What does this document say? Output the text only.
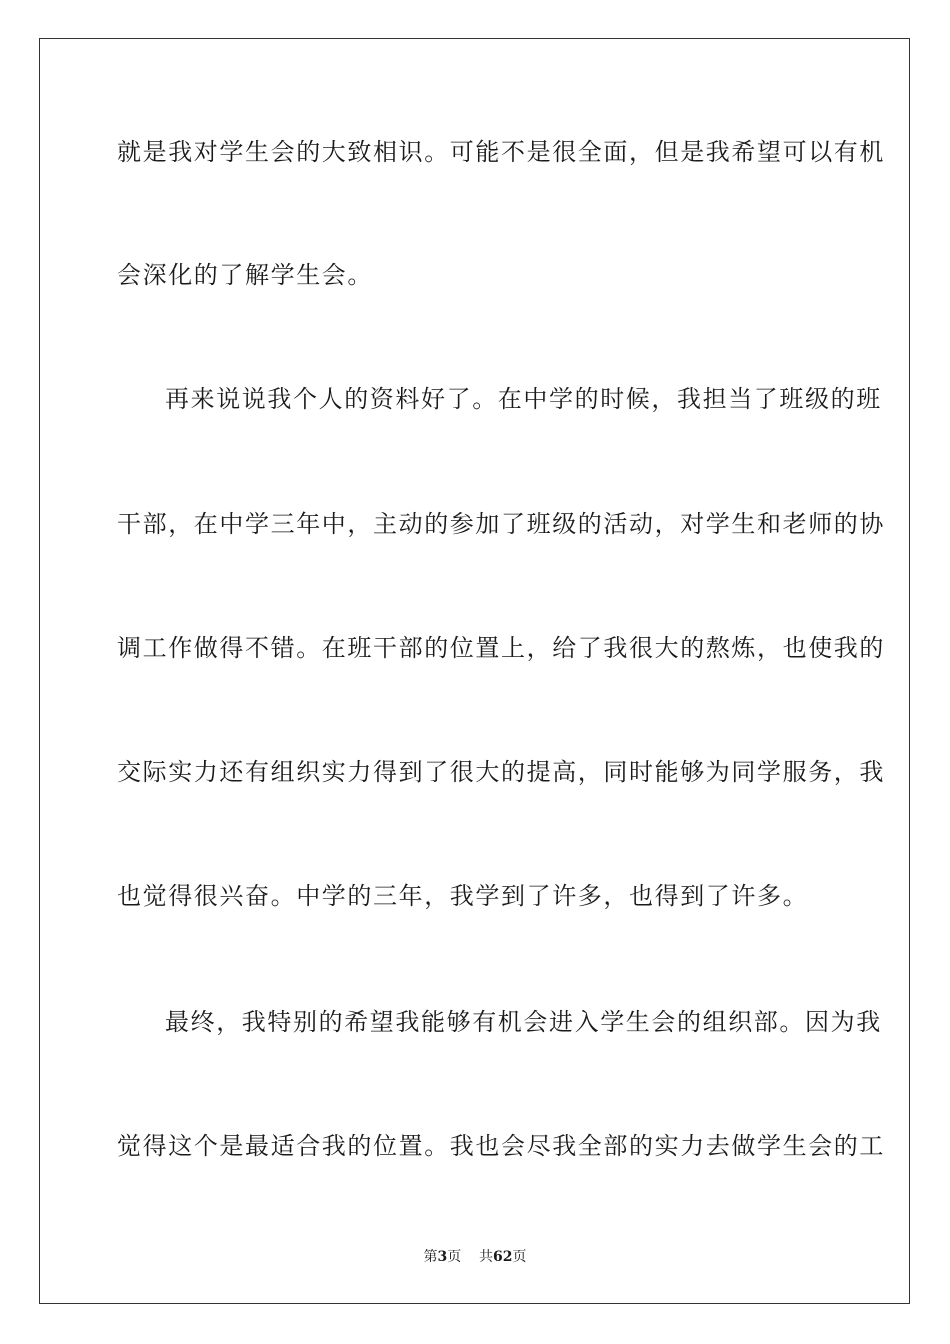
就是我对学生会的大致相识。可能不是很全面，但是我希望可以有机
会深化的了解学生会。
再来说说我个人的资料好了。在中学的时候，我担当了班级的班
干部，在中学三年中，主动的参加了班级的活动，对学生和老师的协
调工作做得不错。在班干部的位置上，给了我很大的熬炼，也使我的
交际实力还有组织实力得到了很大的提高，同时能够为同学服务，我
也觉得很兴奋。中学的三年，我学到了许多，也得到了许多。
最终，我特别的希望我能够有机会进入学生会的组织部。因为我
觉得这个是最适合我的位置。我也会尽我全部的实力去做学生会的工
第3页 共62页
